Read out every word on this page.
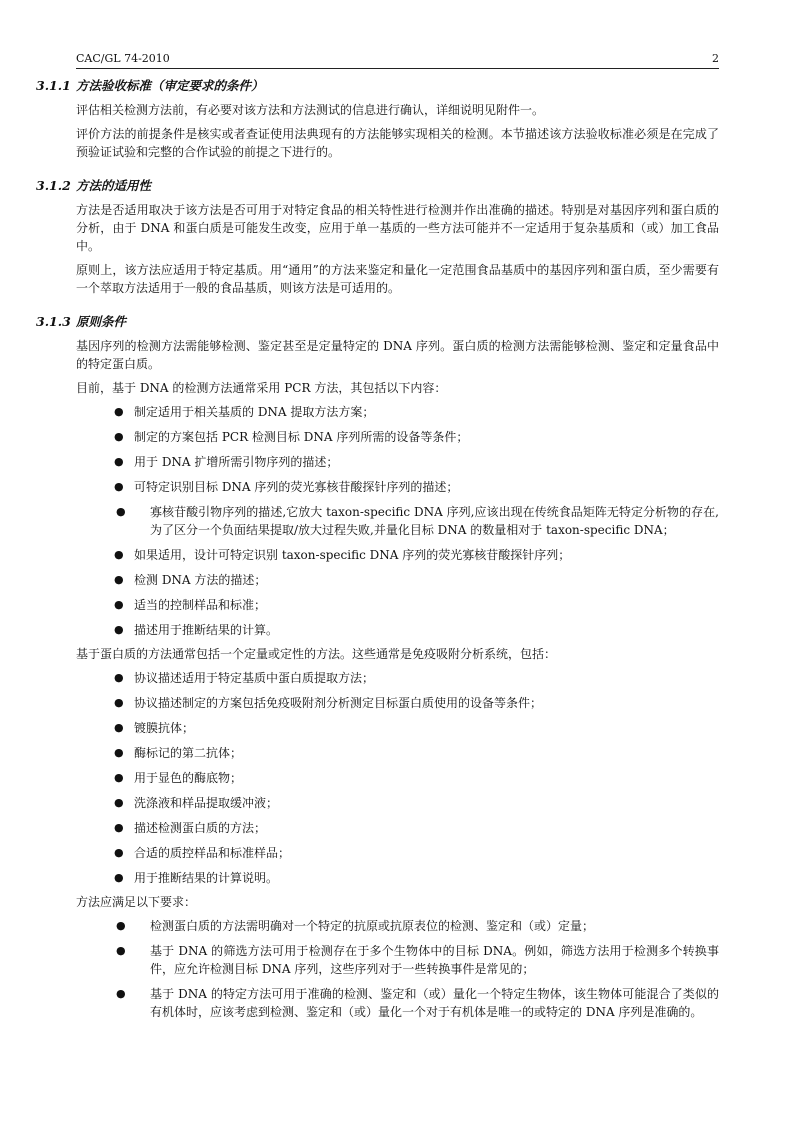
CAC/GL 74-2010	2
3.1.1 方法验收标准（审定要求的条件）

评估相关检测方法前，有必要对该方法和方法测试的信息进行确认，详细说明见附件一。

评价方法的前提条件是核实或者查证使用法典现有的方法能够实现相关的检测。本节描述该方法验收标准必须是在完成了预验证试验和完整的合作试验的前提之下进行的。

3.1.2 方法的适用性

方法是否适用取决于该方法是否可用于对特定食品的相关特性进行检测并作出准确的描述。特别是对基因序列和蛋白质的分析，由于 DNA 和蛋白质是可能发生改变，应用于单一基质的一些方法可能并不一定适用于复杂基质和（或）加工食品中。

原则上，该方法应适用于特定基质。用“通用”的方法来鉴定和量化一定范围食品基质中的基因序列和蛋白质，至少需要有一个萃取方法适用于一般的食品基质，则该方法是可适用的。

3.1.3 原则条件

基因序列的检测方法需能够检测、鉴定甚至是定量特定的 DNA 序列。蛋白质的检测方法需能够检测、鉴定和定量食品中的特定蛋白质。

目前，基于 DNA 的检测方法通常采用 PCR 方法，其包括以下内容：

● 制定适用于相关基质的 DNA 提取方法方案；
● 制定的方案包括 PCR 检测目标 DNA 序列所需的设备等条件；
● 用于 DNA 扩增所需引物序列的描述；
● 可特定识别目标 DNA 序列的荧光寡核苷酸探针序列的描述；
●	寡核苷酸引物序列的描述,它放大 taxon-specific DNA 序列,应该出现在传统食品矩阵无特定分析物的存在,为了区分一个负面结果提取/放大过程失败,并量化目标 DNA 的数量相对于 taxon-specific DNA；
● 如果适用，设计可特定识别 taxon-specific DNA 序列的荧光寡核苷酸探针序列；
● 检测 DNA 方法的描述；
● 适当的控制样品和标准；
● 描述用于推断结果的计算。

基于蛋白质的方法通常包括一个定量或定性的方法。这些通常是免疫吸附分析系统，包括：

● 协议描述适用于特定基质中蛋白质提取方法；
● 协议描述制定的方案包括免疫吸附剂分析测定目标蛋白质使用的设备等条件；
● 镀膜抗体；
● 酶标记的第二抗体；
● 用于显色的酶底物；
● 洗涤液和样品提取缓冲液；
● 描述检测蛋白质的方法；
● 合适的质控样品和标准样品；
● 用于推断结果的计算说明。

方法应满足以下要求：

●	检测蛋白质的方法需明确对一个特定的抗原或抗原表位的检测、鉴定和（或）定量；
●	基于 DNA 的筛选方法可用于检测存在于多个生物体中的目标 DNA。例如，筛选方法用于检测多个转换事件，应允许检测目标 DNA 序列，这些序列对于一些转换事件是常见的；
●	基于 DNA 的特定方法可用于准确的检测、鉴定和（或）量化一个特定生物体，该生物体可能混合了类似的有机体时，应该考虑到检测、鉴定和（或）量化一个对于有机体是唯一的或特定的 DNA 序列是准确的。
